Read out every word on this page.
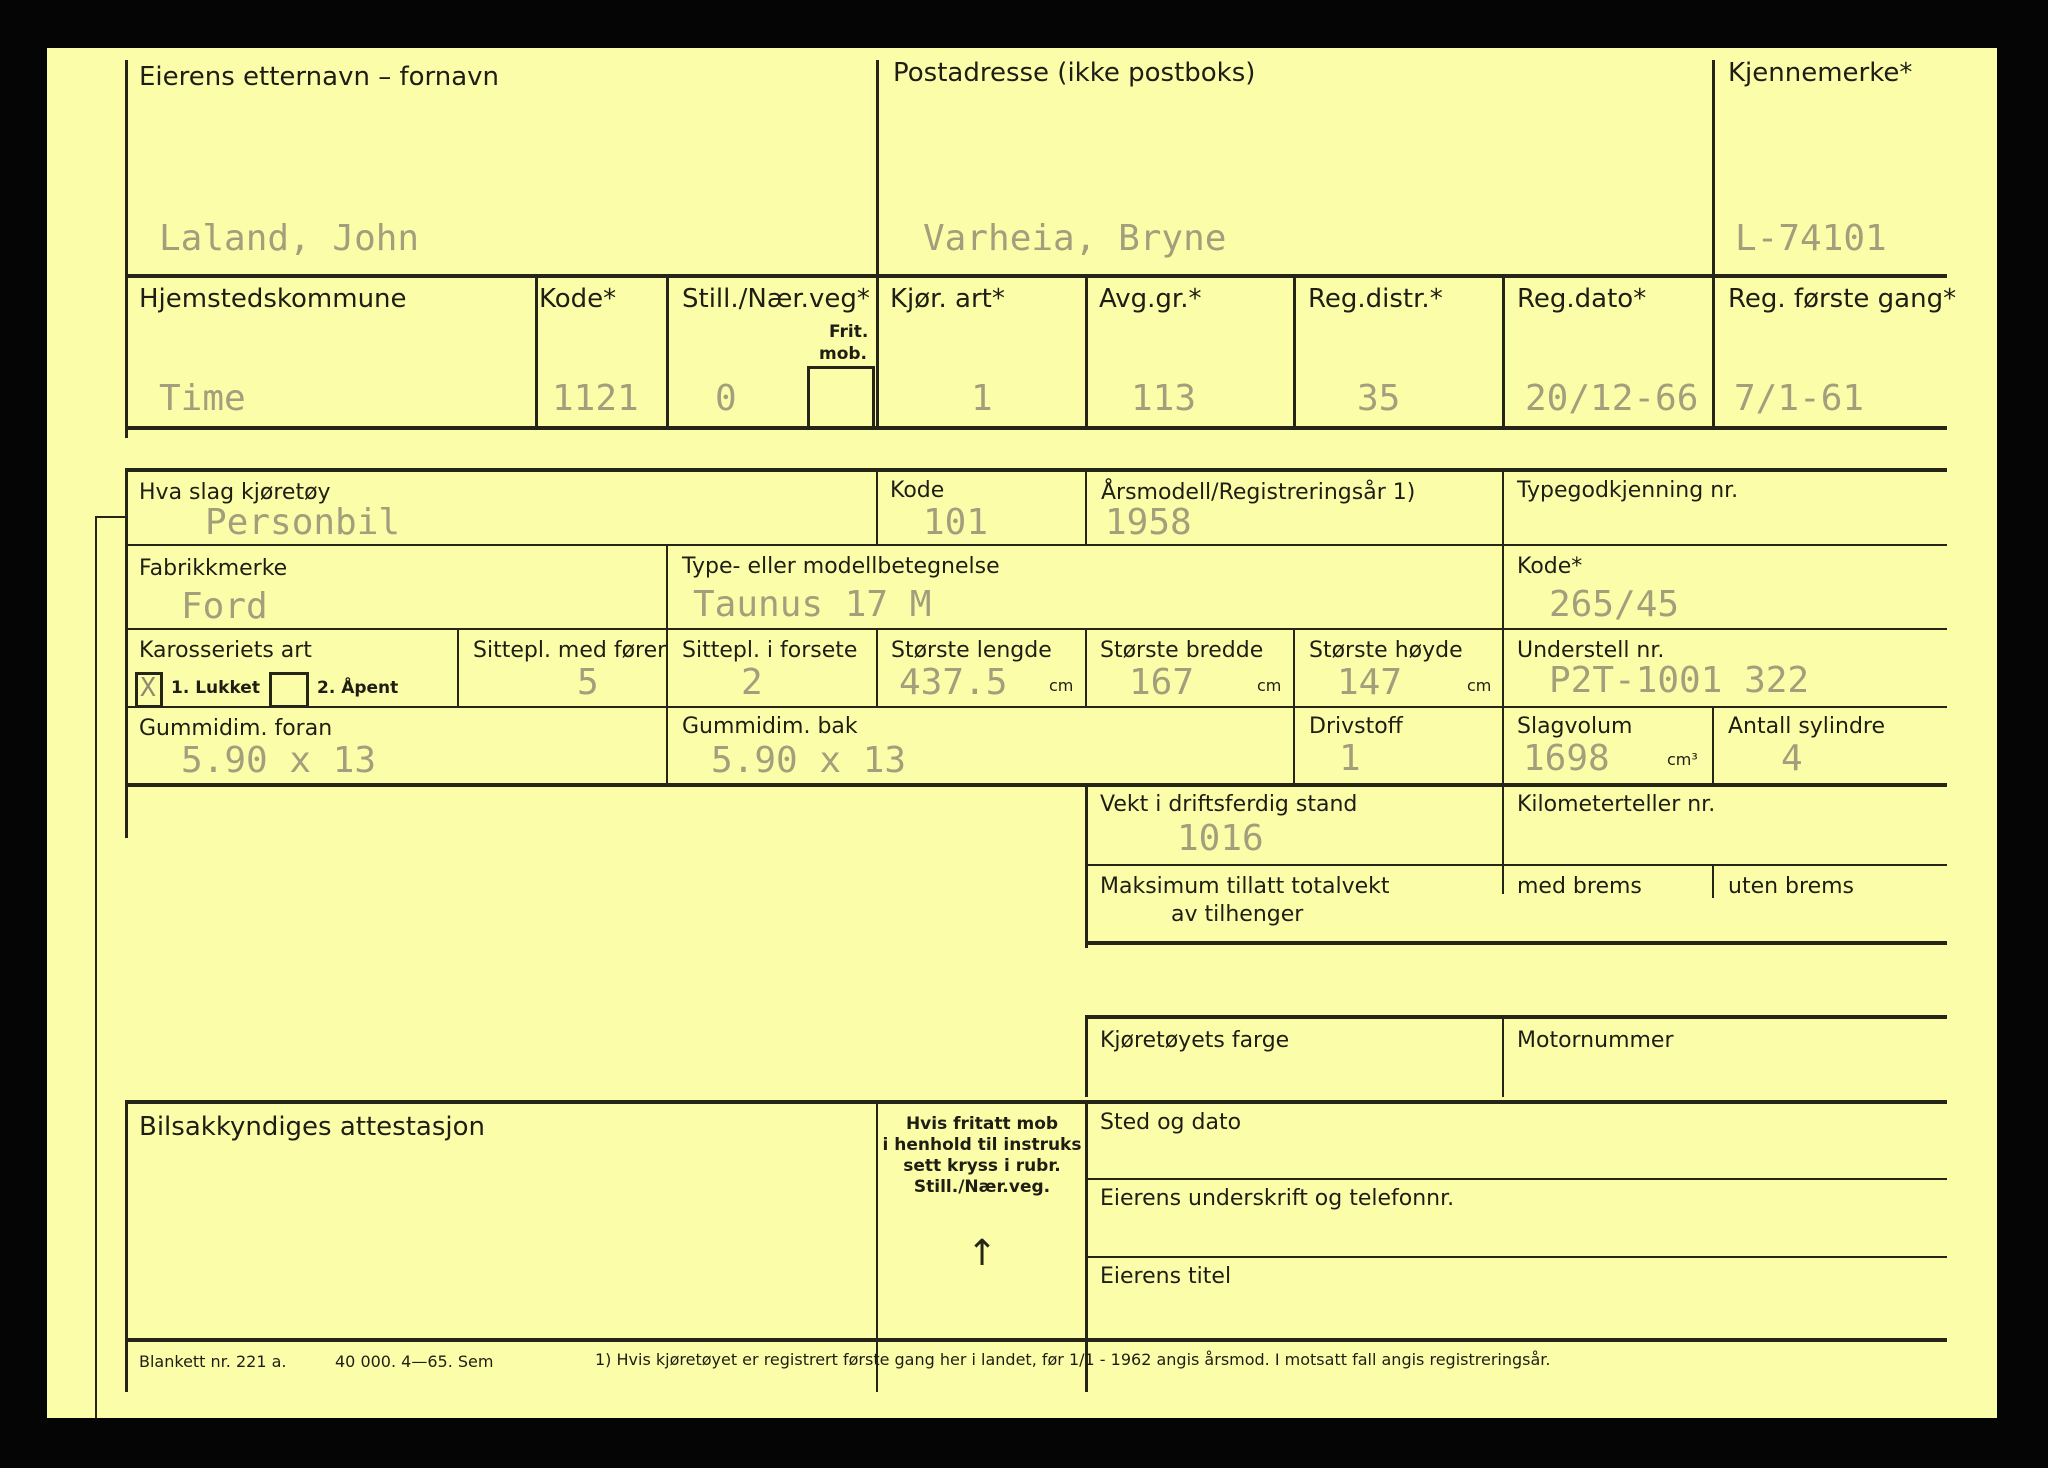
Eierens etternavn – fornavn
Laland, John
Postadresse (ikke postboks)
Varheia, Bryne
Kjennemerke*
L-74101
Hjemstedskommune
Time
Kode*
1121
Still./Nær.veg*
Frit.
mob.
0
Kjør. art*
1
Avg.gr.*
113
Reg.distr.*
35
Reg.dato*
20/12-66
Reg. første gang*
7/1-61
Hva slag kjøretøy
Personbil
Kode
101
Årsmodell/Registreringsår 1)
1958
Typegodkjenning nr.
Fabrikkmerke
Ford
Type- eller modellbetegnelse
Taunus 17 M
Kode*
265/45
Karosseriets art
X 1. Lukket	2. Åpent
Sittepl. med fører
5
Sittepl. i forsete
2
Største lengde
437.5	cm
Største bredde
167	cm
Største høyde
147	cm
Understell nr.
P2T-1001 322
Gummidim. foran
5.90 x 13
Gummidim. bak
5.90 x 13
Drivstoff
1
Slagvolum
1698	cm³
Antall sylindre
4
Vekt i driftsferdig stand
1016
Kilometerteller nr.
Maksimum tillatt totalvekt
av tilhenger
med brems	uten brems
Kjøretøyets farge	Motornummer
Bilsakkyndiges attestasjon	Hvis fritatt mob
i henhold til instruks
sett kryss i rubr.
Still./Nær.veg.
↑
Sted og dato
Eierens underskrift og telefonnr.
Eierens titel
Blankett nr. 221 a.	40 000. 4—65. Sem	1) Hvis kjøretøyet er registrert første gang her i landet, før 1/1 - 1962 angis årsmod. I motsatt fall angis registreringsår.
